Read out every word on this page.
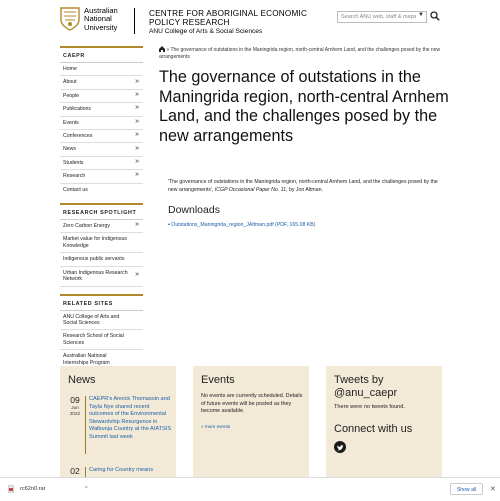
Australian
National
University
CENTRE FOR ABORIGINAL ECONOMIC
POLICY RESEARCH
ANU College of Arts & Social Sciences
Search ANU web, staff & maps ▼
CAEPR
Home
About	»
People	»
Publications	»
Events	»
Conferences	»
News	»
Students	»
Research	»
Contact us
RESEARCH SPOTLIGHT
Zero Carbon Energy	»
Market value for Indigenous Knowledge
Indigenous public servants
Urban Indigenous Research Network
»
RELATED SITES
ANU College of Arts and Social Sciences
Research School of Social Sciences
Australian National Internships Program
» The governance of outstations in the Maningrida region, north-central Arnhem Land, and the challenges posed by the new arrangements
The governance of outstations in the Maningrida region, north-central Arnhem Land, and the challenges posed by the new arrangements
'The governance of outstations in the Maningrida region, north-central Arnhem Land, and the challenges posed by the new arrangements', ICGP Occasional Paper No. 11, by Jon Altman.
Downloads
• Outstations_Maningrida_region_JAltman.pdf (PDF, 165.08 KB)
News
09
Jun
2022
CAEPR's Annick Thomassin and Tayla Nye shared recent outcomes of the Environmental Stewardship Resurgence in Walbunja Country at the AIATSIS Summit last week
02	Caring for Country means
Events
No events are currently scheduled. Details of future events will be posted as they become available.
» more events
Tweets by @anu_caepr
There were no tweets found.
Connect with us
rc62n0.rar	^	Show all	✕
